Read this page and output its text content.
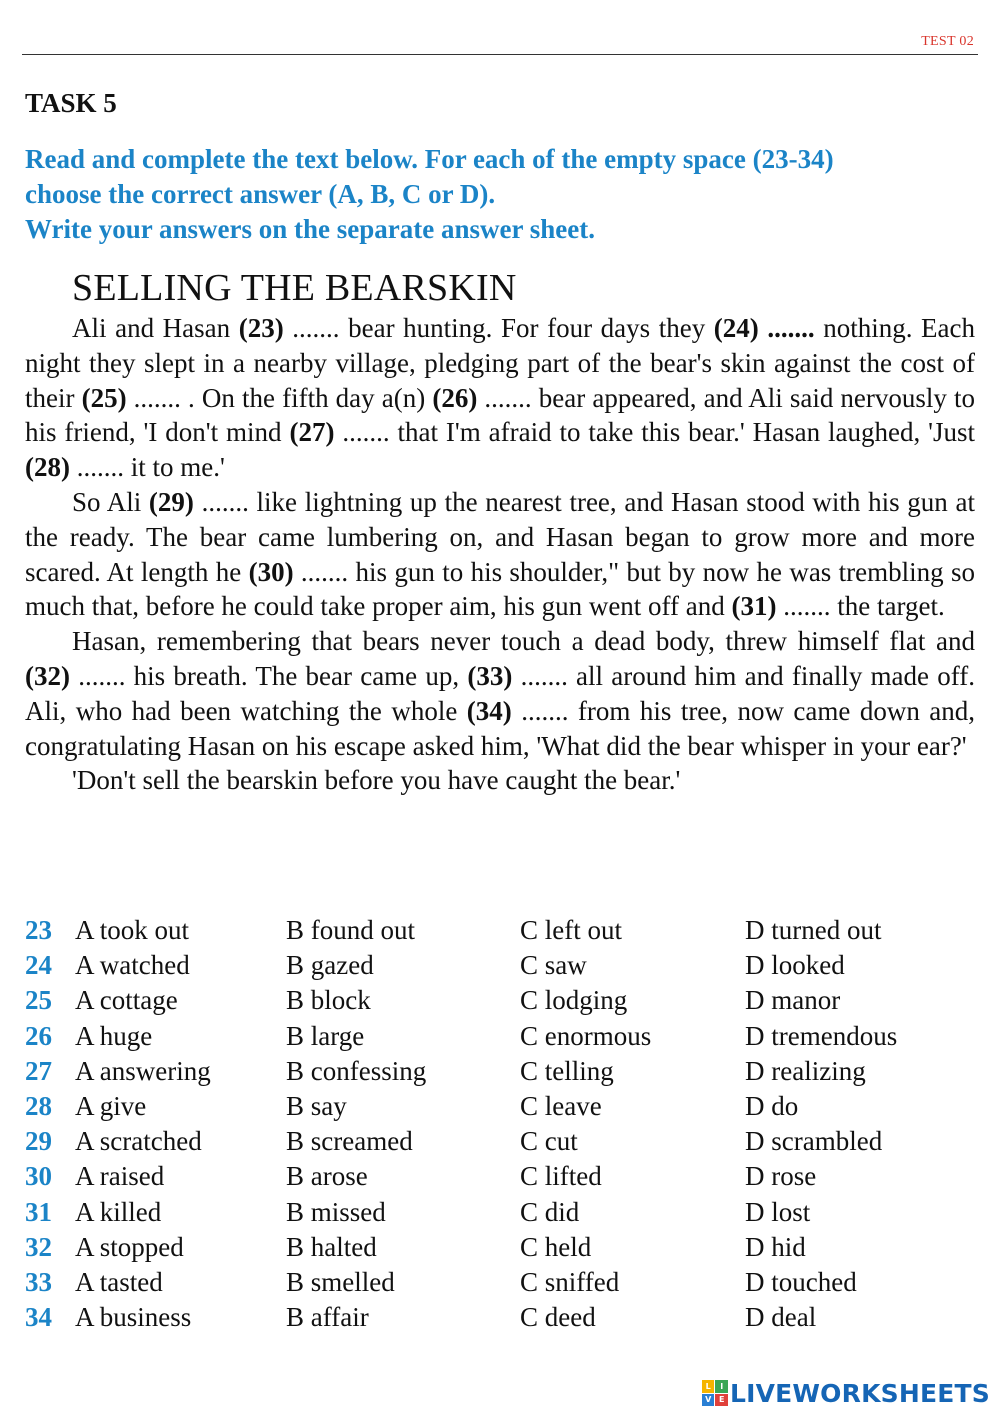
TEST 02
TASK 5
Read and complete the text below. For each of the empty space (23-34)
choose the correct answer (A, B, C or D).
Write your answers on the separate answer sheet.
SELLING THE BEARSKIN

Ali and Hasan (23) ....... bear hunting. For four days they (24) ....... nothing. Each night they slept in a nearby village, pledging part of the bear's skin against the cost of their (25) ....... . On the fifth day a(n) (26) ....... bear appeared, and Ali said nervously to his friend, 'I don't mind (27) ....... that I'm afraid to take this bear.' Hasan laughed, 'Just (28) ....... it to me.'

So Ali (29) ....... like lightning up the nearest tree, and Hasan stood with his gun at the ready. The bear came lumbering on, and Hasan began to grow more and more scared. At length he (30) ....... his gun to his shoulder," but by now he was trembling so much that, before he could take proper aim, his gun went off and (31) ....... the target.

Hasan, remembering that bears never touch a dead body, threw himself flat and (32) ....... his breath. The bear came up, (33) ....... all around him and finally made off. Ali, who had been watching the whole (34) ....... from his tree, now came down and, congratulating Hasan on his escape asked him, 'What did the bear whisper in your ear?'

'Don't sell the bearskin before you have caught the bear.'

23 A took out	B found out	C left out	D turned out
24 A watched	B gazed	C saw	D looked
25 A cottage	B block	C lodging	D manor
26 A huge	B large	C enormous	D tremendous
27 A answering	B confessing	C telling	D realizing
28 A give	B say	C leave	D do
29 A scratched	B screamed	C cut	D scrambled
30 A raised	B arose	C lifted	D rose
31 A killed	B missed	C did	D lost
32 A stopped	B halted	C held	D hid
33 A tasted	B smelled	C sniffed	D touched
34 A business	B affair	C deed	D deal
L	I
V E LIVEWORKSHEETS
